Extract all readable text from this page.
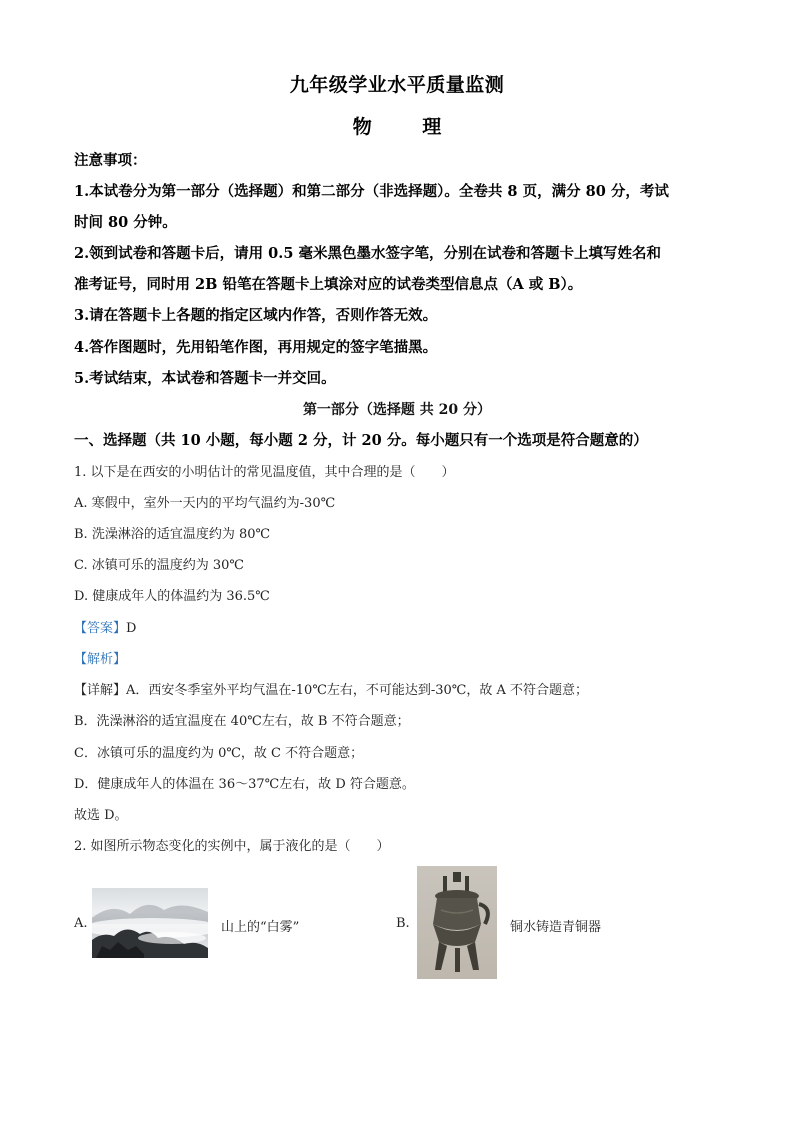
九年级学业水平质量监测
物 理
注意事项：
1.本试卷分为第一部分（选择题）和第二部分（非选择题）。全卷共 8 页，满分 80 分，考试
时间 80 分钟。
2.领到试卷和答题卡后，请用 0.5 毫米黑色墨水签字笔，分别在试卷和答题卡上填写姓名和
准考证号，同时用 2B 铅笔在答题卡上填涂对应的试卷类型信息点（A 或 B）。
3.请在答题卡上各题的指定区域内作答，否则作答无效。
4.答作图题时，先用铅笔作图，再用规定的签字笔描黑。
5.考试结束，本试卷和答题卡一并交回。
第一部分（选择题 共 20 分）
一、选择题（共 10 小题，每小题 2 分，计 20 分。每小题只有一个选项是符合题意的）
1. 以下是在西安的小明估计的常见温度值，其中合理的是（　　）
A. 寒假中，室外一天内的平均气温约为-30℃
B. 洗澡淋浴的适宜温度约为 80℃
C. 冰镇可乐的温度约为 30℃
D. 健康成年人的体温约为 36.5℃
【答案】D
【解析】
【详解】A．西安冬季室外平均气温在-10℃左右，不可能达到-30℃，故 A 不符合题意；
B．洗澡淋浴的适宜温度在 40℃左右，故 B 不符合题意；
C．冰镇可乐的温度约为 0℃，故 C 不符合题意；
D．健康成年人的体温在 36～37℃左右，故 D 符合题意。
故选 D。
2. 如图所示物态变化的实例中，属于液化的是（　　）
A.	山上的“白雾”	B.	铜水铸造青铜器
